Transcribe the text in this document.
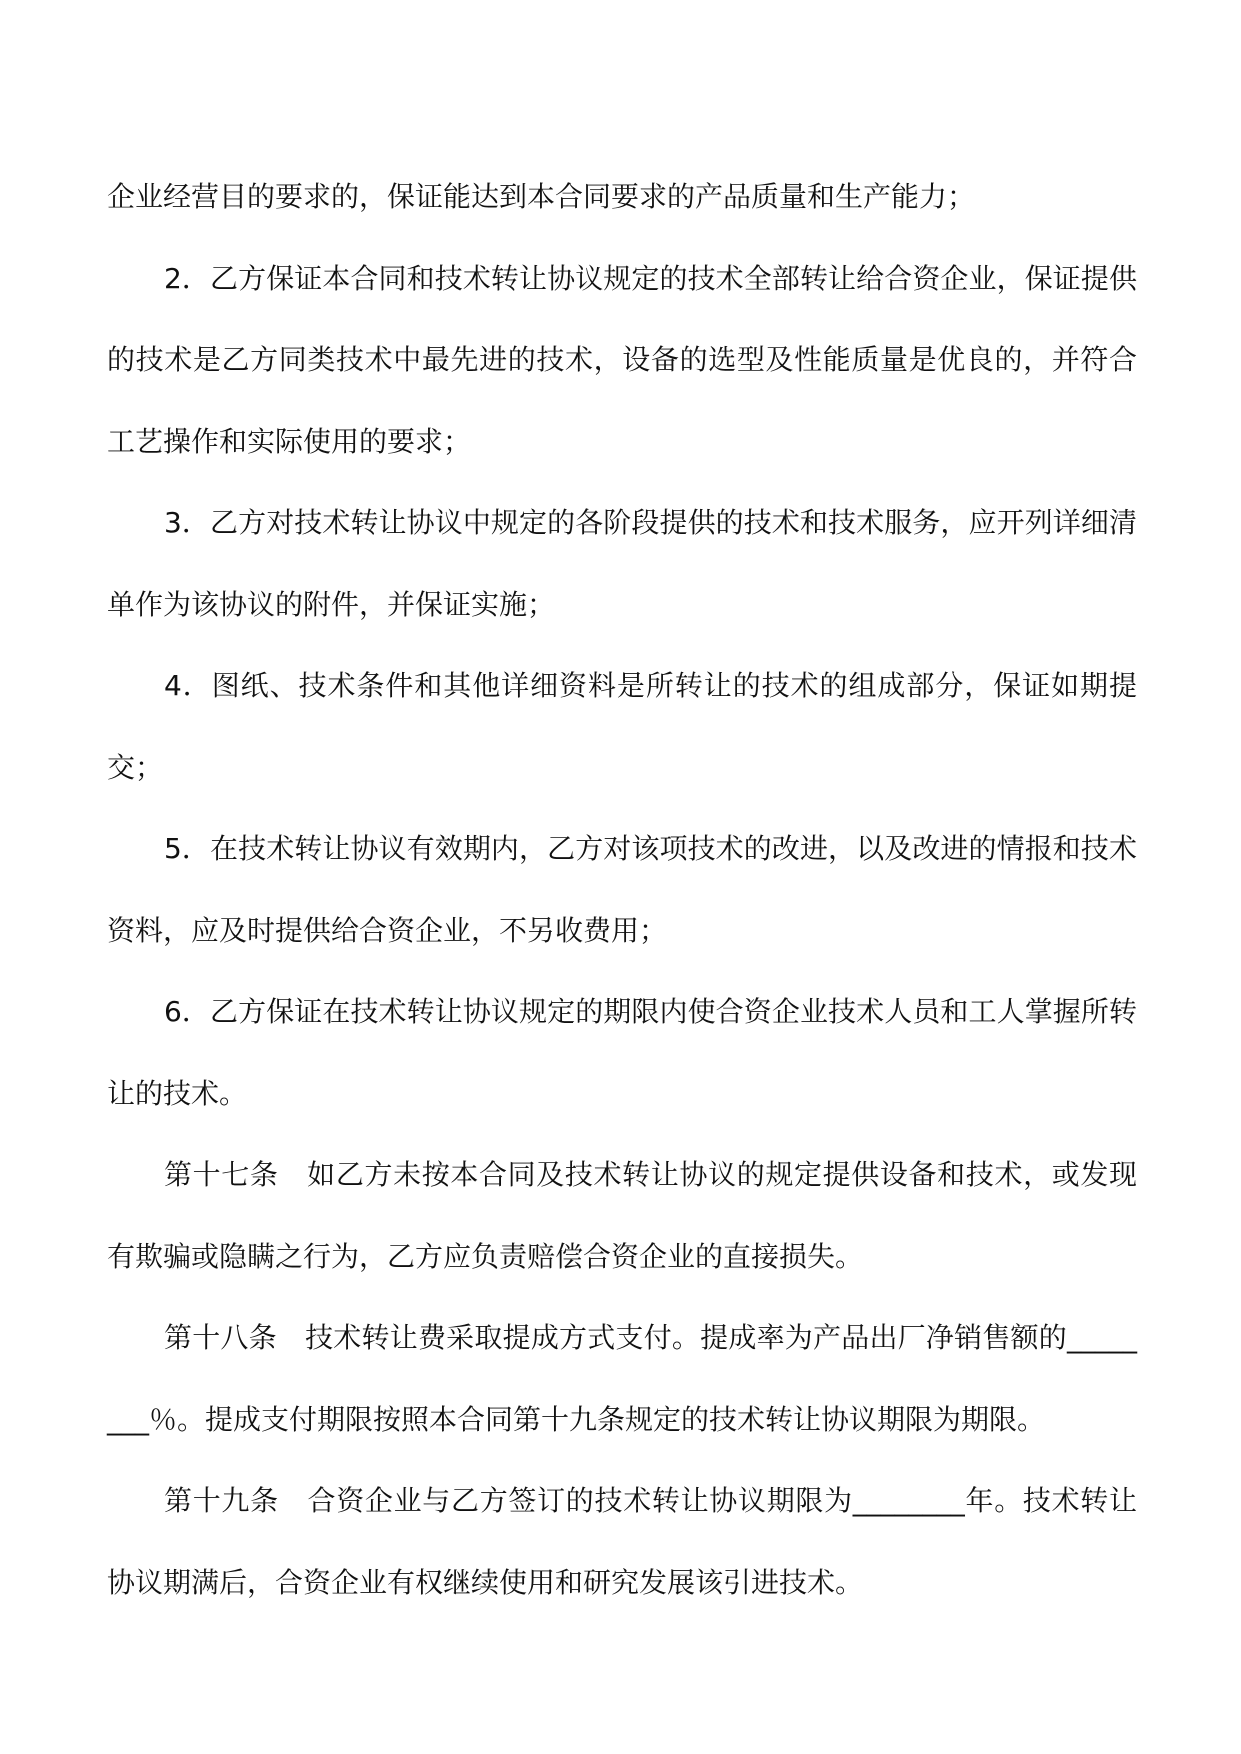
企业经营目的要求的，保证能达到本合同要求的产品质量和生产能力；

2．乙方保证本合同和技术转让协议规定的技术全部转让给合资企业，保证提供的技术是乙方同类技术中最先进的技术，设备的选型及性能质量是优良的，并符合工艺操作和实际使用的要求；

3．乙方对技术转让协议中规定的各阶段提供的技术和技术服务，应开列详细清单作为该协议的附件，并保证实施；

4．图纸、技术条件和其他详细资料是所转让的技术的组成部分，保证如期提交；

5．在技术转让协议有效期内，乙方对该项技术的改进，以及改进的情报和技术资料，应及时提供给合资企业，不另收费用；

6．乙方保证在技术转让协议规定的期限内使合资企业技术人员和工人掌握所转让的技术。

第十七条　如乙方未按本合同及技术转让协议的规定提供设备和技术，或发现有欺骗或隐瞒之行为，乙方应负责赔偿合资企业的直接损失。

第十八条　技术转让费采取提成方式支付。提成率为产品出厂净销售额的________％。提成支付期限按照本合同第十九条规定的技术转让协议期限为期限。

第十九条　合资企业与乙方签订的技术转让协议期限为________年。技术转让协议期满后，合资企业有权继续使用和研究发展该引进技术。
